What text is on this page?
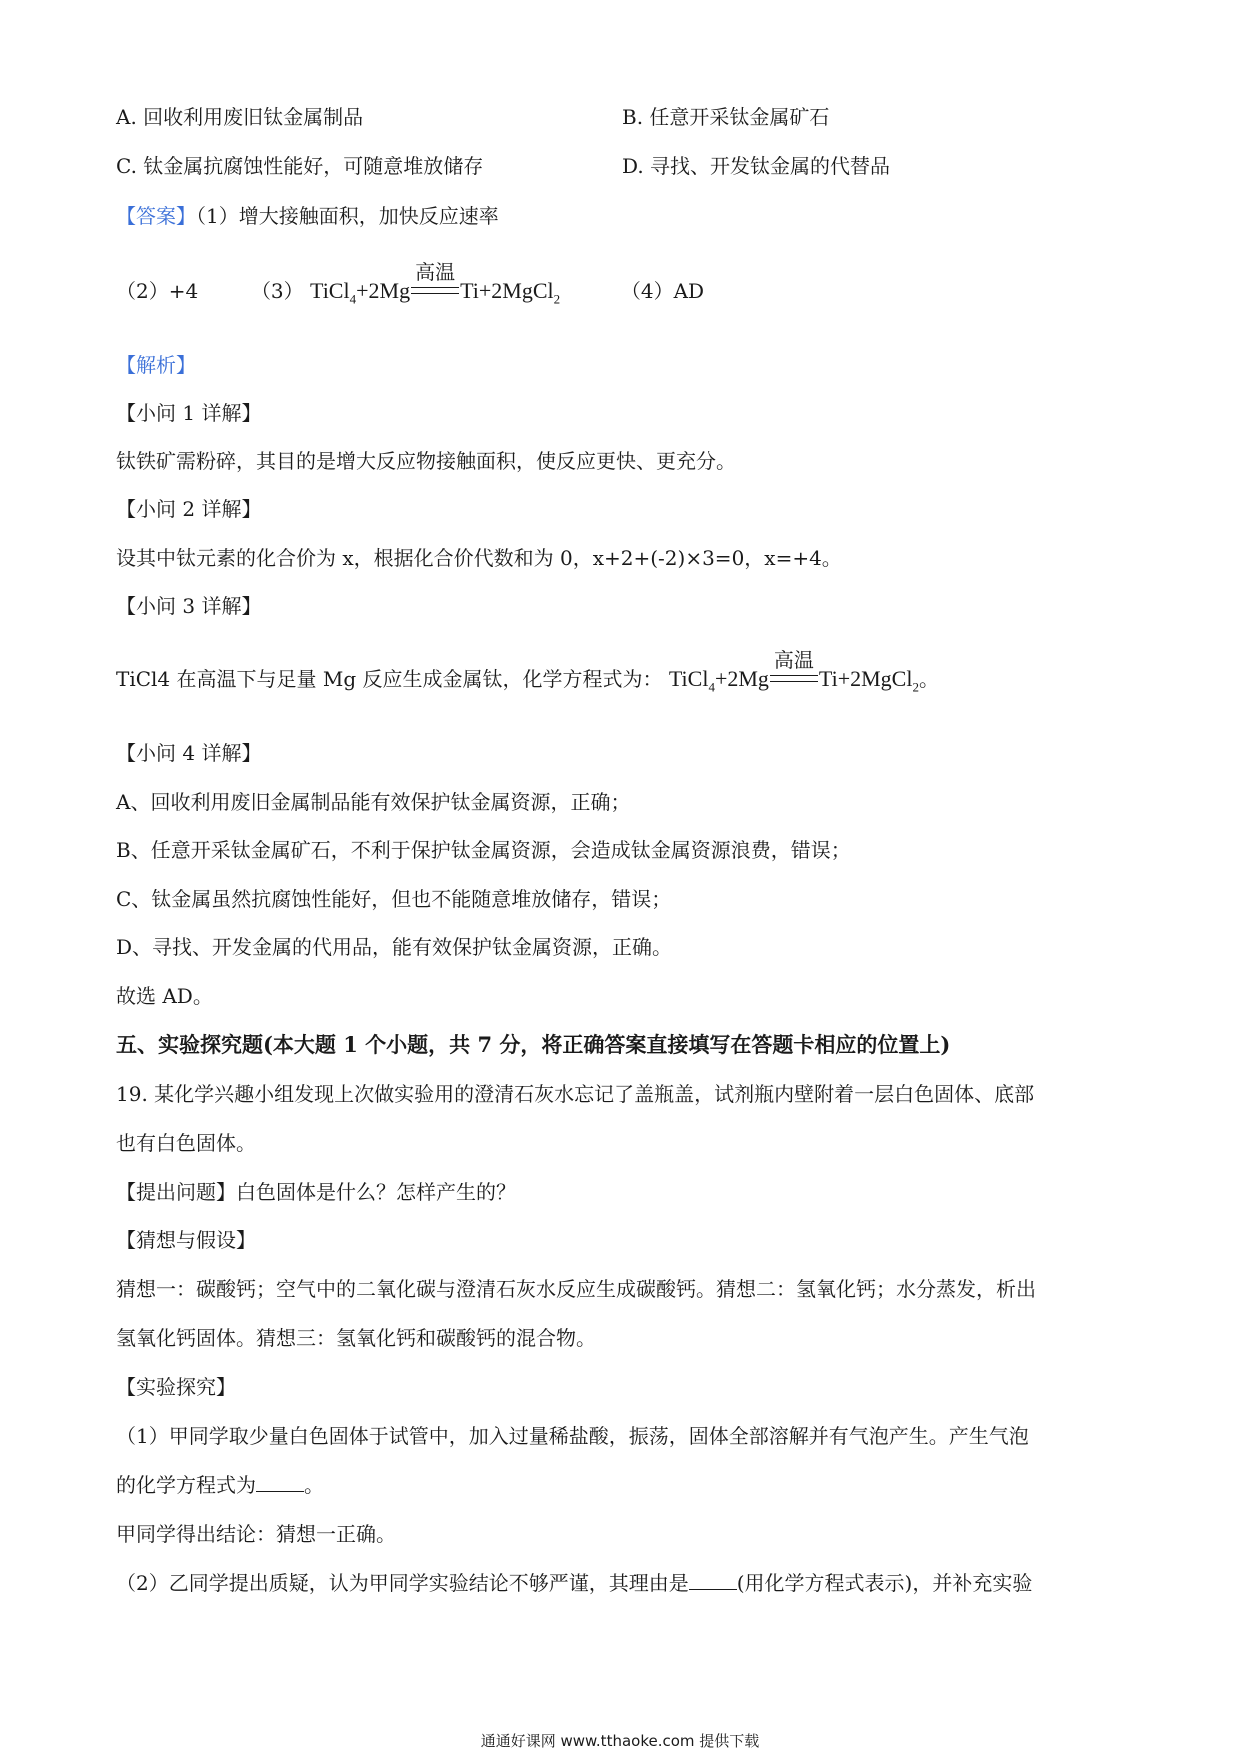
A. 回收利用废旧钛金属制品	B. 任意开采钛金属矿石
C. 钛金属抗腐蚀性能好，可随意堆放储存	D. 寻找、开发钛金属的代替品
【答案】（1）增大接触面积，加快反应速率
（2）+4	（3） TiCl$_4$+2Mg
高温
Ti+2MgCl$_2$	（4）AD
【解析】
【小问 1 详解】
钛铁矿需粉碎，其目的是增大反应物接触面积，使反应更快、更充分。
【小问 2 详解】
设其中钛元素的化合价为 x，根据化合价代数和为 0，x+2+(-2)×3=0，x=+4。
【小问 3 详解】
TiCl4 在高温下与足量 Mg 反应生成金属钛，化学方程式为： TiCl$_4$+2Mg
高温
Ti+2MgCl$_2$。
【小问 4 详解】
A、回收利用废旧金属制品能有效保护钛金属资源，正确；
B、任意开采钛金属矿石，不利于保护钛金属资源，会造成钛金属资源浪费，错误；
C、钛金属虽然抗腐蚀性能好，但也不能随意堆放储存，错误；
D、寻找、开发金属的代用品，能有效保护钛金属资源，正确。
故选 AD。
五、实验探究题(本大题 1 个小题，共 7 分，将正确答案直接填写在答题卡相应的位置上)
19. 某化学兴趣小组发现上次做实验用的澄清石灰水忘记了盖瓶盖，试剂瓶内壁附着一层白色固体、底部
也有白色固体。
【提出问题】白色固体是什么？怎样产生的？
【猜想与假设】
猜想一：碳酸钙；空气中的二氧化碳与澄清石灰水反应生成碳酸钙。猜想二：氢氧化钙；水分蒸发，析出
氢氧化钙固体。猜想三：氢氧化钙和碳酸钙的混合物。
【实验探究】
（1）甲同学取少量白色固体于试管中，加入过量稀盐酸，振荡，固体全部溶解并有气泡产生。产生气泡
的化学方程式为 。
甲同学得出结论：猜想一正确。
（2）乙同学提出质疑，认为甲同学实验结论不够严谨，其理由是 (用化学方程式表示)，并补充实验
通通好课网 www.tthaoke.com 提供下载
